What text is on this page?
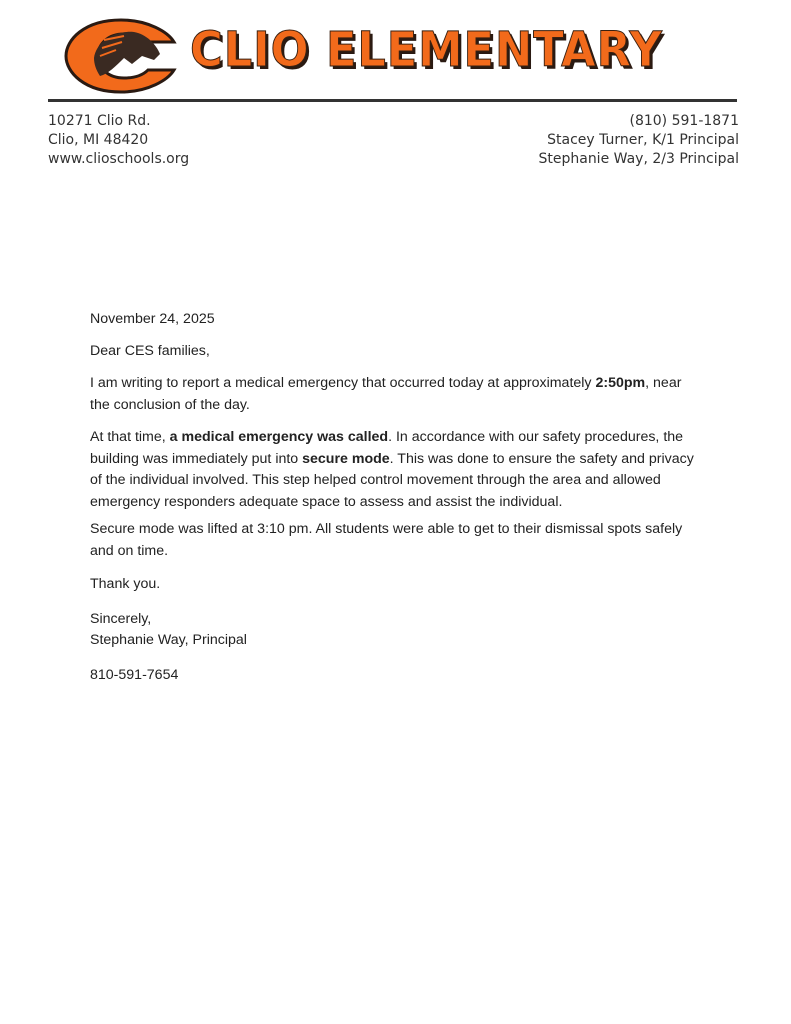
CLIO ELEMENTARY
10271 Clio Rd.
Clio, MI 48420
www.clioschools.org
(810) 591-1871
Stacey Turner, K/1 Principal
Stephanie Way, 2/3 Principal
November 24, 2025
Dear CES families,

I am writing to report a medical emergency that occurred today at approximately 2:50pm, near the conclusion of the day.

At that time, a medical emergency was called. In accordance with our safety procedures, the building was immediately put into secure mode. This was done to ensure the safety and privacy of the individual involved. This step helped control movement through the area and allowed emergency responders adequate space to assess and assist the individual.

Secure mode was lifted at 3:10 pm. All students were able to get to their dismissal spots safely and on time.
Thank you.
Sincerely,
Stephanie Way, Principal
810-591-7654
